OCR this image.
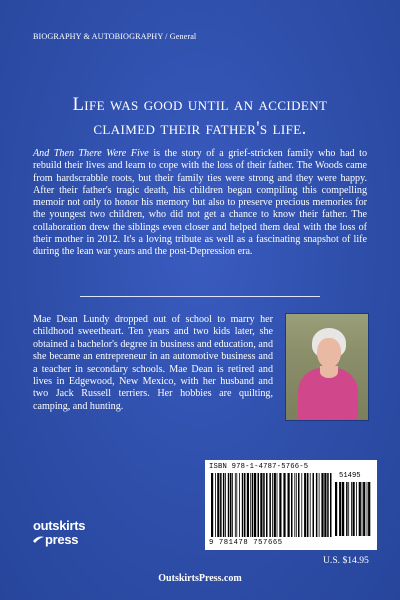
BIOGRAPHY & AUTOBIOGRAPHY / General
Life was good until an accident
claimed their father's life.
And Then There Were Five is the story of a grief-stricken family who had to rebuild their lives and learn to cope with the loss of their father. The Woods came from hardscrabble roots, but their family ties were strong and they were happy. After their father's tragic death, his children began compiling this compelling memoir not only to honor his memory but also to preserve precious memories for the youngest two children, who did not get a chance to know their father. The collaboration drew the siblings even closer and helped them deal with the loss of their mother in 2012. It's a loving tribute as well as a fascinating snapshot of life during the lean war years and the post-Depression era.
Mae Dean Lundy dropped out of school to marry her childhood sweetheart. Ten years and two kids later, she obtained a bachelor's degree in business and education, and she became an entrepreneur in an automotive business and a teacher in secondary schools. Mae Dean is retired and lives in Edgewood, New Mexico, with her husband and two Jack Russell terriers. Her hobbies are quilting, camping, and hunting.
ISBN 978-1-4787-5766-5
51495
9 781478 757665
outskirts
press
U.S. $14.95
OutskirtsPress.com
